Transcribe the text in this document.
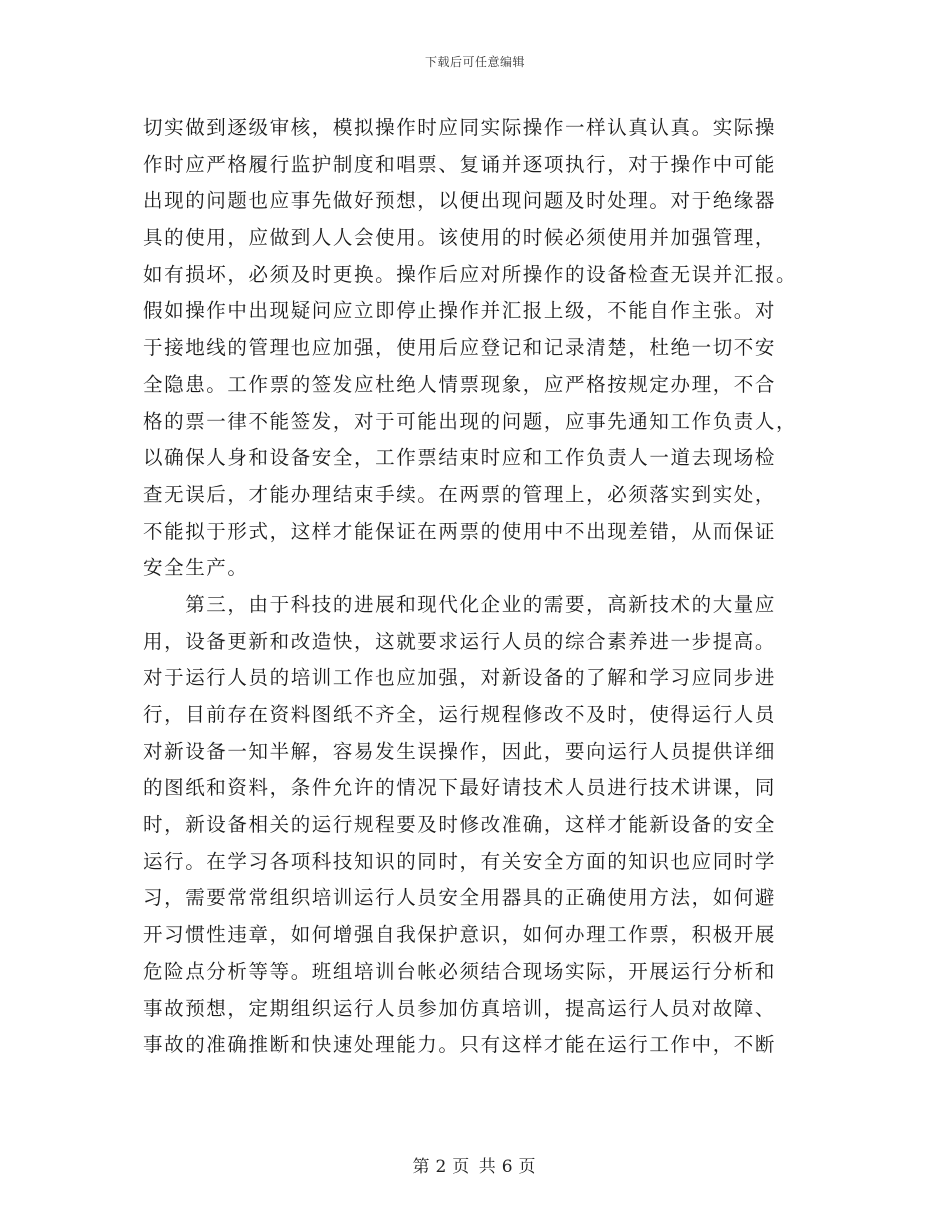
下载后可任意编辑
切实做到逐级审核，模拟操作时应同实际操作一样认真认真。实际操
作时应严格履行监护制度和唱票、复诵并逐项执行，对于操作中可能
出现的问题也应事先做好预想，以便出现问题及时处理。对于绝缘器
具的使用，应做到人人会使用。该使用的时候必须使用并加强管理，
如有损坏，必须及时更换。操作后应对所操作的设备检查无误并汇报。
假如操作中出现疑问应立即停止操作并汇报上级，不能自作主张。对
于接地线的管理也应加强，使用后应登记和记录清楚，杜绝一切不安
全隐患。工作票的签发应杜绝人情票现象，应严格按规定办理，不合
格的票一律不能签发，对于可能出现的问题，应事先通知工作负责人，
以确保人身和设备安全，工作票结束时应和工作负责人一道去现场检
查无误后，才能办理结束手续。在两票的管理上，必须落实到实处，
不能拟于形式，这样才能保证在两票的使用中不出现差错，从而保证
安全生产。
　　第三，由于科技的进展和现代化企业的需要，高新技术的大量应
用，设备更新和改造快，这就要求运行人员的综合素养进一步提高。
对于运行人员的培训工作也应加强，对新设备的了解和学习应同步进
行，目前存在资料图纸不齐全，运行规程修改不及时，使得运行人员
对新设备一知半解，容易发生误操作，因此，要向运行人员提供详细
的图纸和资料，条件允许的情况下最好请技术人员进行技术讲课，同
时，新设备相关的运行规程要及时修改准确，这样才能新设备的安全
运行。在学习各项科技知识的同时，有关安全方面的知识也应同时学
习，需要常常组织培训运行人员安全用器具的正确使用方法，如何避
开习惯性违章，如何增强自我保护意识，如何办理工作票，积极开展
危险点分析等等。班组培训台帐必须结合现场实际，开展运行分析和
事故预想，定期组织运行人员参加仿真培训，提高运行人员对故障、
事故的准确推断和快速处理能力。只有这样才能在运行工作中，不断
第 2 页 共 6 页
